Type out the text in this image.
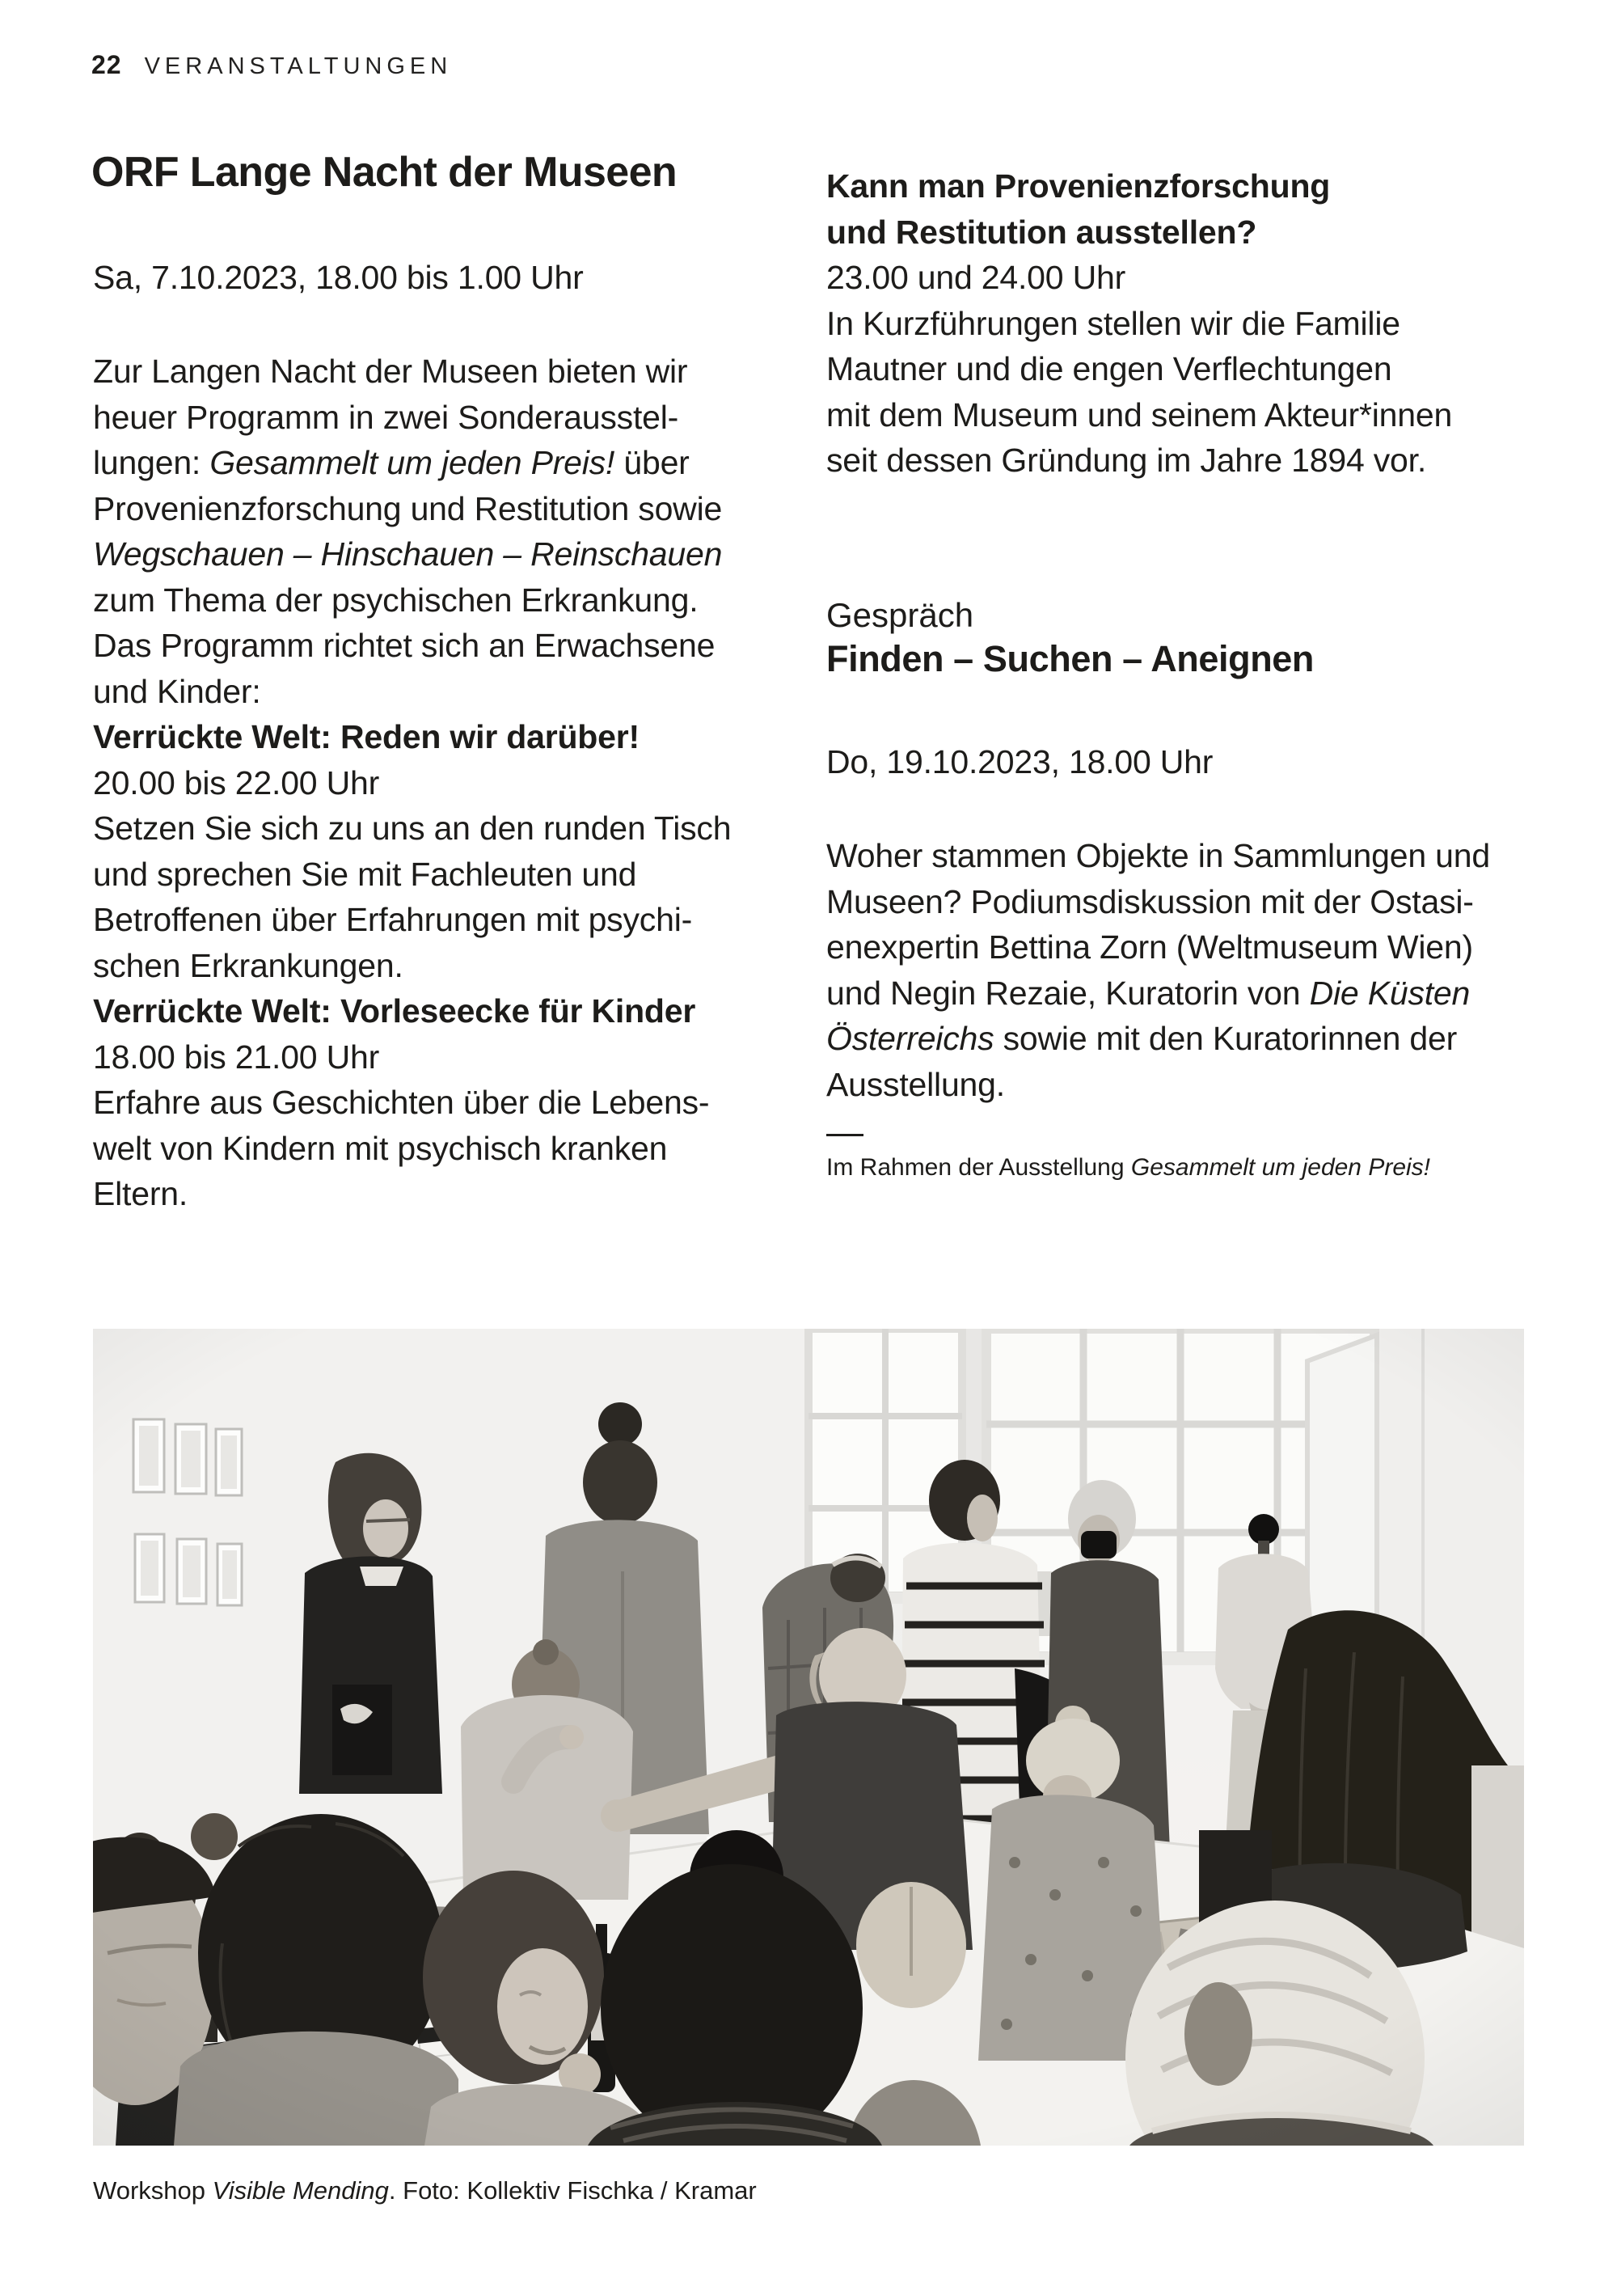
22 VERANSTALTUNGEN
ORF Lange Nacht der Museen
Sa, 7.10.2023, 18.00 bis 1.00 Uhr
Zur Langen Nacht der Museen bieten wir
heuer Programm in zwei Sonderausstel-
lungen: Gesammelt um jeden Preis! über
Provenienzforschung und Restitution sowie
Wegschauen – Hinschauen – Reinschauen
zum Thema der psychischen Erkrankung.
Das Programm richtet sich an Erwachsene
und Kinder:
Verrückte Welt: Reden wir darüber!
20.00 bis 22.00 Uhr
Setzen Sie sich zu uns an den runden Tisch
und sprechen Sie mit Fachleuten und
Betroffenen über Erfahrungen mit psychi-
schen Erkrankungen.
Verrückte Welt: Vorleseecke für Kinder
18.00 bis 21.00 Uhr
Erfahre aus Geschichten über die Lebens-
welt von Kindern mit psychisch kranken
Eltern.
Kann man Provenienzforschung
und Restitution ausstellen?
23.00 und 24.00 Uhr
In Kurzführungen stellen wir die Familie
Mautner und die engen Verflechtungen
mit dem Museum und seinem Akteur*innen
seit dessen Gründung im Jahre 1894 vor.
Gespräch
Finden – Suchen – Aneignen
Do, 19.10.2023, 18.00 Uhr
Woher stammen Objekte in Sammlungen und
Museen? Podiumsdiskussion mit der Ostasi-
enexpertin Bettina Zorn (Weltmuseum Wien)
und Negin Rezaie, Kuratorin von Die Küsten
Österreichs sowie mit den Kuratorinnen der
Ausstellung.
Im Rahmen der Ausstellung Gesammelt um jeden Preis!
Workshop Visible Mending. Foto: Kollektiv Fischka / Kramar
